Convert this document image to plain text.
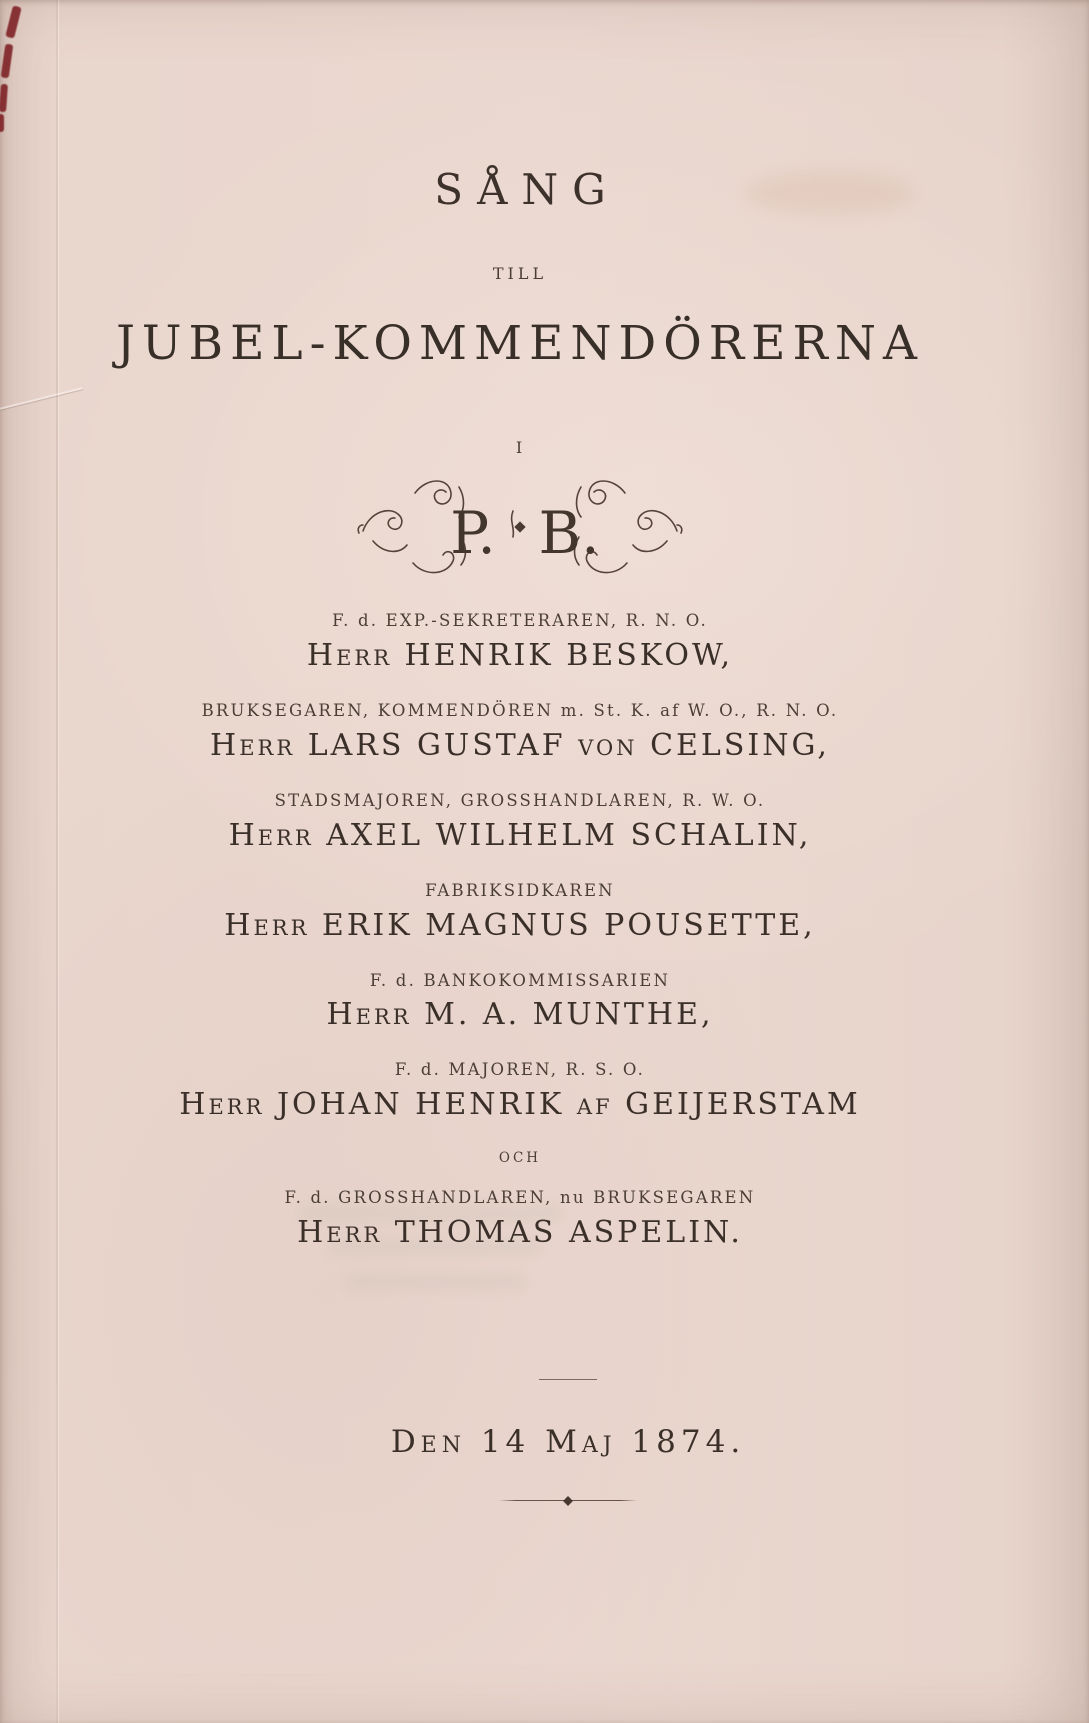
SÅNG
TILL
JUBEL-KOMMENDÖRERNA
I
P. B.
F. d. EXP.-SEKRETERAREN, R. N. O.
Herr HENRIK BESKOW,
BRUKSEGAREN, KOMMENDÖREN m. St. K. af W. O., R. N. O.
Herr LARS GUSTAF von CELSING,
STADSMAJOREN, GROSSHANDLAREN, R. W. O.
Herr AXEL WILHELM SCHALIN,
FABRIKSIDKAREN
Herr ERIK MAGNUS POUSETTE,
F. d. BANKOKOMMISSARIEN
Herr M. A. MUNTHE,
F. d. MAJOREN, R. S. O.
Herr JOHAN HENRIK af GEIJERSTAM
OCH
F. d. GROSSHANDLAREN, nu BRUKSEGAREN
Herr THOMAS ASPELIN.
Den 14 Maj 1874.
